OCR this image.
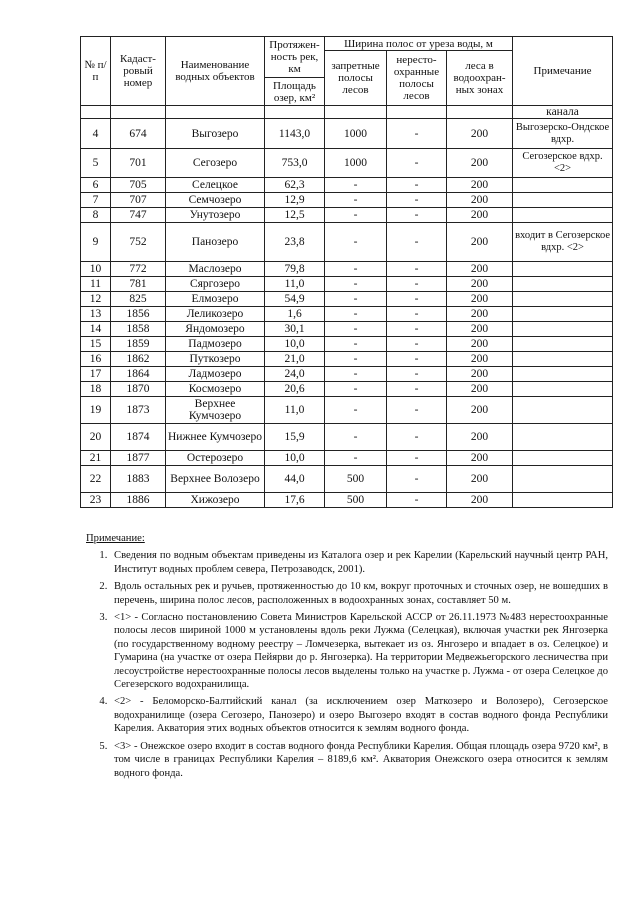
№ п/п	Кадаст-ровый номер	Наименование водных объектов	Протяжен-ность рек, км	Ширина полос от уреза воды, м			Примечание
				запретные полосы лесов	нересто-охранные полосы лесов	леса в водоохран-ных зонах	
			Площадь озер, км²				
							канала
4	674	Выгозеро	1143,0	1000	-	200	Выгозерско-Ондское вдхр.
5	701	Сегозеро	753,0	1000	-	200	Сегозерское вдхр. <2>
6	705	Селецкое	62,3	-	-	200	
7	707	Семчозеро	12,9	-	-	200	
8	747	Унутозеро	12,5	-	-	200	
9	752	Панозеро	23,8	-	-	200	входит в Сегозерское вдхр. <2>
10	772	Маслозеро	79,8	-	-	200	
11	781	Сяргозеро	11,0	-	-	200	
12	825	Елмозеро	54,9	-	-	200	
13	1856	Леликозеро	1,6	-	-	200	
14	1858	Яндомозеро	30,1	-	-	200	
15	1859	Падмозеро	10,0	-	-	200	
16	1862	Путкозеро	21,0	-	-	200	
17	1864	Ладмозеро	24,0	-	-	200	
18	1870	Космозеро	20,6	-	-	200	
19	1873	Верхнее Кумчозеро	11,0	-	-	200	
20	1874	Нижнее Кумчозеро	15,9	-	-	200	
21	1877	Остерозеро	10,0	-	-	200	
22	1883	Верхнее Волозеро	44,0	500	-	200	
23	1886	Хижозеро	17,6	500	-	200	
Примечание:
1. Сведения по водным объектам приведены из Каталога озер и рек Карелии (Карельский научный центр РАН, Институт водных проблем севера, Петрозаводск, 2001).
2. Вдоль остальных рек и ручьев, протяженностью до 10 км, вокруг проточных и сточных озер, не вошедших в перечень, ширина полос лесов, расположенных в водоохранных зонах, составляет 50 м.
3. <1> - Согласно постановлению Совета Министров Карельской АССР от 26.11.1973 №483 нерестоохранные полосы лесов шириной 1000 м установлены вдоль реки Лужма (Селецкая), включая участки рек Янгозерка (по государственному водному реестру – Ломчезерка, вытекает из оз. Янгозеро и впадает в оз. Селецкое) и Гумарина (на участке от озера Пейярви до р. Янгозерка). На территории Медвежьегорского лесничества при лесоустройстве нерестоохранные полосы лесов выделены только на участке р. Лужма - от озера Селецкое до Сегезерского водохранилища.
4. <2> - Беломорско-Балтийский канал (за исключением озер Маткозеро и Волозеро), Сегозерское водохранилище (озера Сегозеро, Панозеро) и озеро Выгозеро входят в состав водного фонда Республики Карелия. Акватория этих водных объектов относится к землям водного фонда.
5. <3> - Онежское озеро входит в состав водного фонда Республики Карелия. Общая площадь озера 9720 км², в том числе в границах Республики Карелия – 8189,6 км². Акватория Онежского озера относится к землям водного фонда.
